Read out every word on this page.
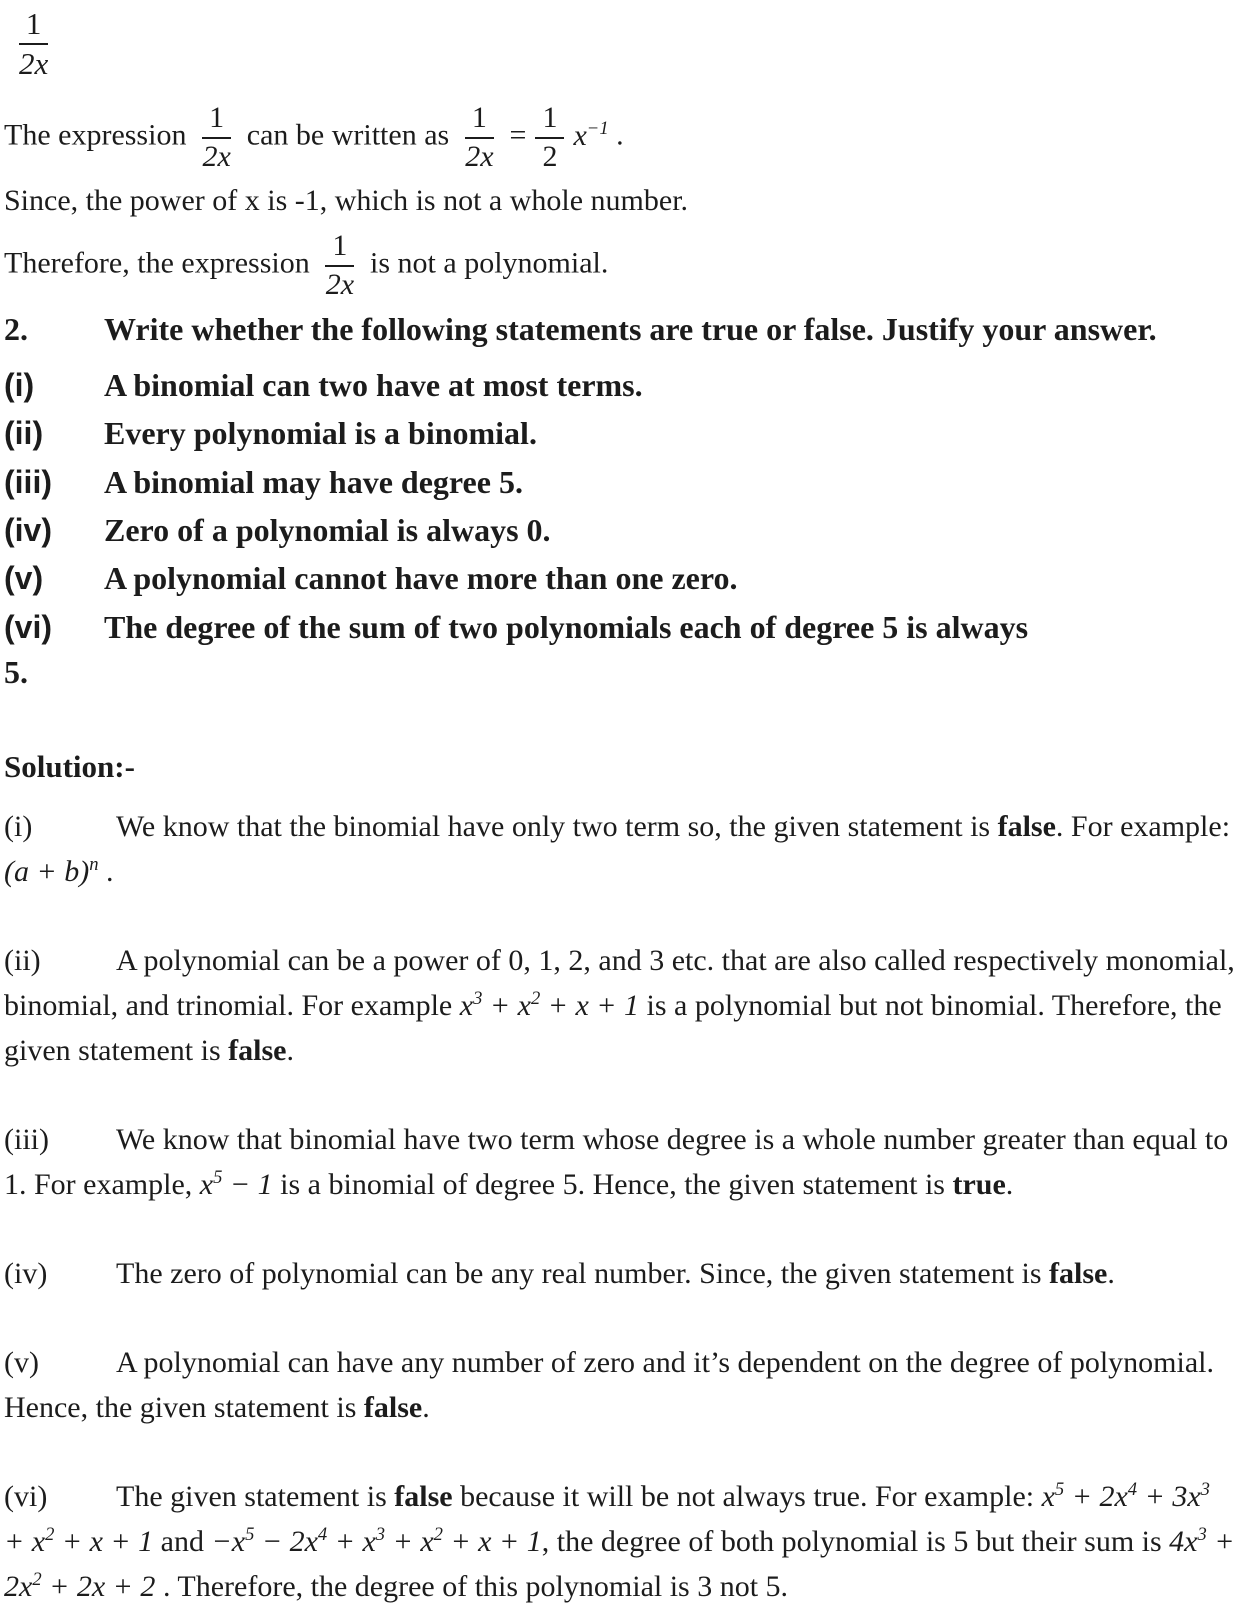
$\frac{1}{2x}$
The expression $\frac{1}{2x}$ can be written as $\frac{1}{2x} = \frac{1}{2} x^{-1}$ .
Since, the power of x is -1, which is not a whole number.
Therefore, the expression $\frac{1}{2x}$ is not a polynomial.
2. Write whether the following statements are true or false. Justify your answer.
(i) A binomial can two have at most terms.
(ii) Every polynomial is a binomial.
(iii) A binomial may have degree 5.
(iv) Zero of a polynomial is always 0.
(v) A polynomial cannot have more than one zero.
(vi) The degree of the sum of two polynomials each of degree 5 is always
5.
Solution:-
(i)	We know that the binomial have only two term so, the given statement is false. For example:(a + b)$^n$ .
(ii)	A polynomial can be a power of 0, 1, 2, and 3 etc. that are also called respectively monomial, binomial, and trinomial. For example $x^3 + x^2 + x + 1$ is a polynomial but not binomial. Therefore, the given statement is false.
(iii) We know that binomial have two term whose degree is a whole number greater than equal to 1. For example, $x^5 - 1$ is a binomial of degree 5. Hence, the given statement is true.
(iv) The zero of polynomial can be any real number. Since, the given statement is false.
(v)	A polynomial can have any number of zero and it’s dependent on the degree of polynomial. Hence, the given statement is false.
(vi) The given statement is false because it will be not always true. For example: $x^5 + 2x^4 + 3x^3 + x^2 + x + 1$ and $-x^5 - 2x^4 + x^3 + x^2 + x + 1$, the degree of both polynomial is 5 but their sum is $4x^3 + 2x^2 + 2x + 2$ . Therefore, the degree of this polynomial is 3 not 5.
